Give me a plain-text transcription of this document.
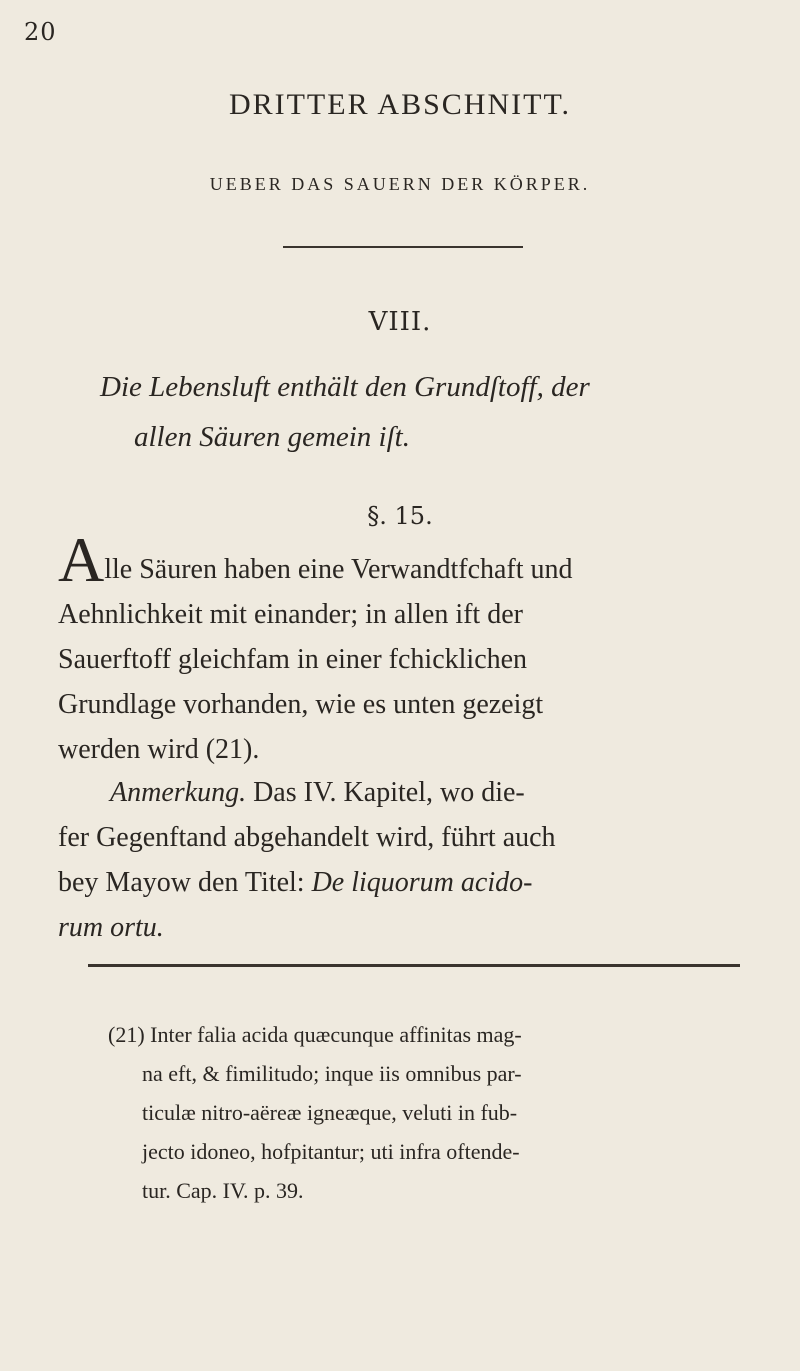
20
DRITTER ABSCHNITT.
UEBER DAS SAUERN DER KÖRPER.
VIII.
Die Lebensluft enthält den Grundſtoff, der
allen Säuren gemein iſt.
§. 15.
Alle Säuren haben eine Verwandtfchaft und
Aehnlichkeit mit einander; in allen ift der
Sauerftoff gleichfam in einer fchicklichen
Grundlage vorhanden, wie es unten gezeigt
werden wird (21).
Anmerkung. Das IV. Kapitel, wo die-
fer Gegenftand abgehandelt wird, führt auch
bey Mayow den Titel: De liquorum acido-
rum ortu.
(21) Inter falia acida quæcunque affinitas mag-
na eft, & fimilitudo; inque iis omnibus par-
ticulæ nitro-aëreæ igneæque, veluti in fub-
jecto idoneo, hofpitantur; uti infra oftende-
tur. Cap. IV. p. 39.
